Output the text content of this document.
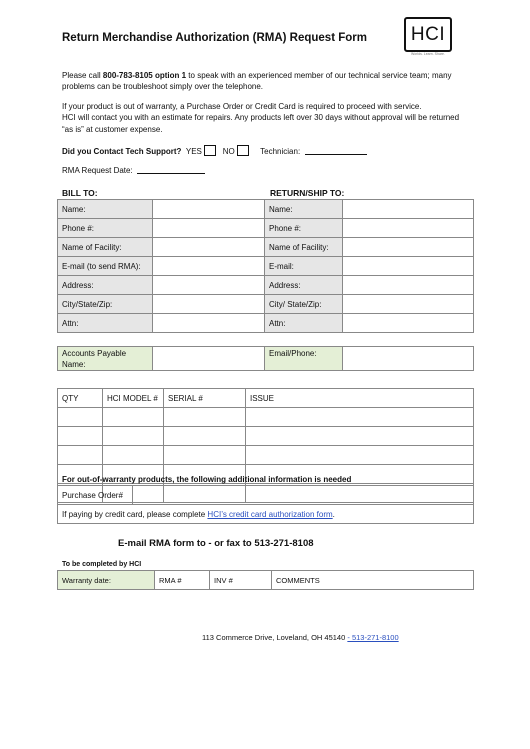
Return Merchandise Authorization (RMA) Request Form	HCI
Worlds. Learn. Share.
Please call 800-783-8105 option 1 to speak with an experienced member of our technical service team; many
problems can be troubleshoot simply over the telephone.
If your product is out of warranty, a Purchase Order or Credit Card is required to proceed with service.
HCI will contact you with an estimate for repairs. Any products left over 30 days without approval will be returned
“as is” at customer expense.
Did you Contact Tech Support? YES	NO	Technician:
RMA Request Date:
BILL TO:	RETURN/SHIP TO:
Name:		Name:	
Phone #:		Phone #:	
Name of Facility:		Name of Facility:	
E-mail (to send RMA):		E-mail:	
Address:		Address:	
City/State/Zip:		City/ State/Zip:	
Attn:		Attn:	
Accounts Payable
Name:		Email/Phone:	
QTY	HCI MODEL #	SERIAL #	ISSUE

For out-of-warranty products, the following additional information is needed
Purchase Order#	
If paying by credit card, please complete HCI’s credit card authorization form.
E-mail RMA form to - or fax to 513-271-8108
To be completed by HCI
Warranty date:	RMA #	INV #	COMMENTS
113 Commerce Drive, Loveland, OH 45140 - 513-271-8100
